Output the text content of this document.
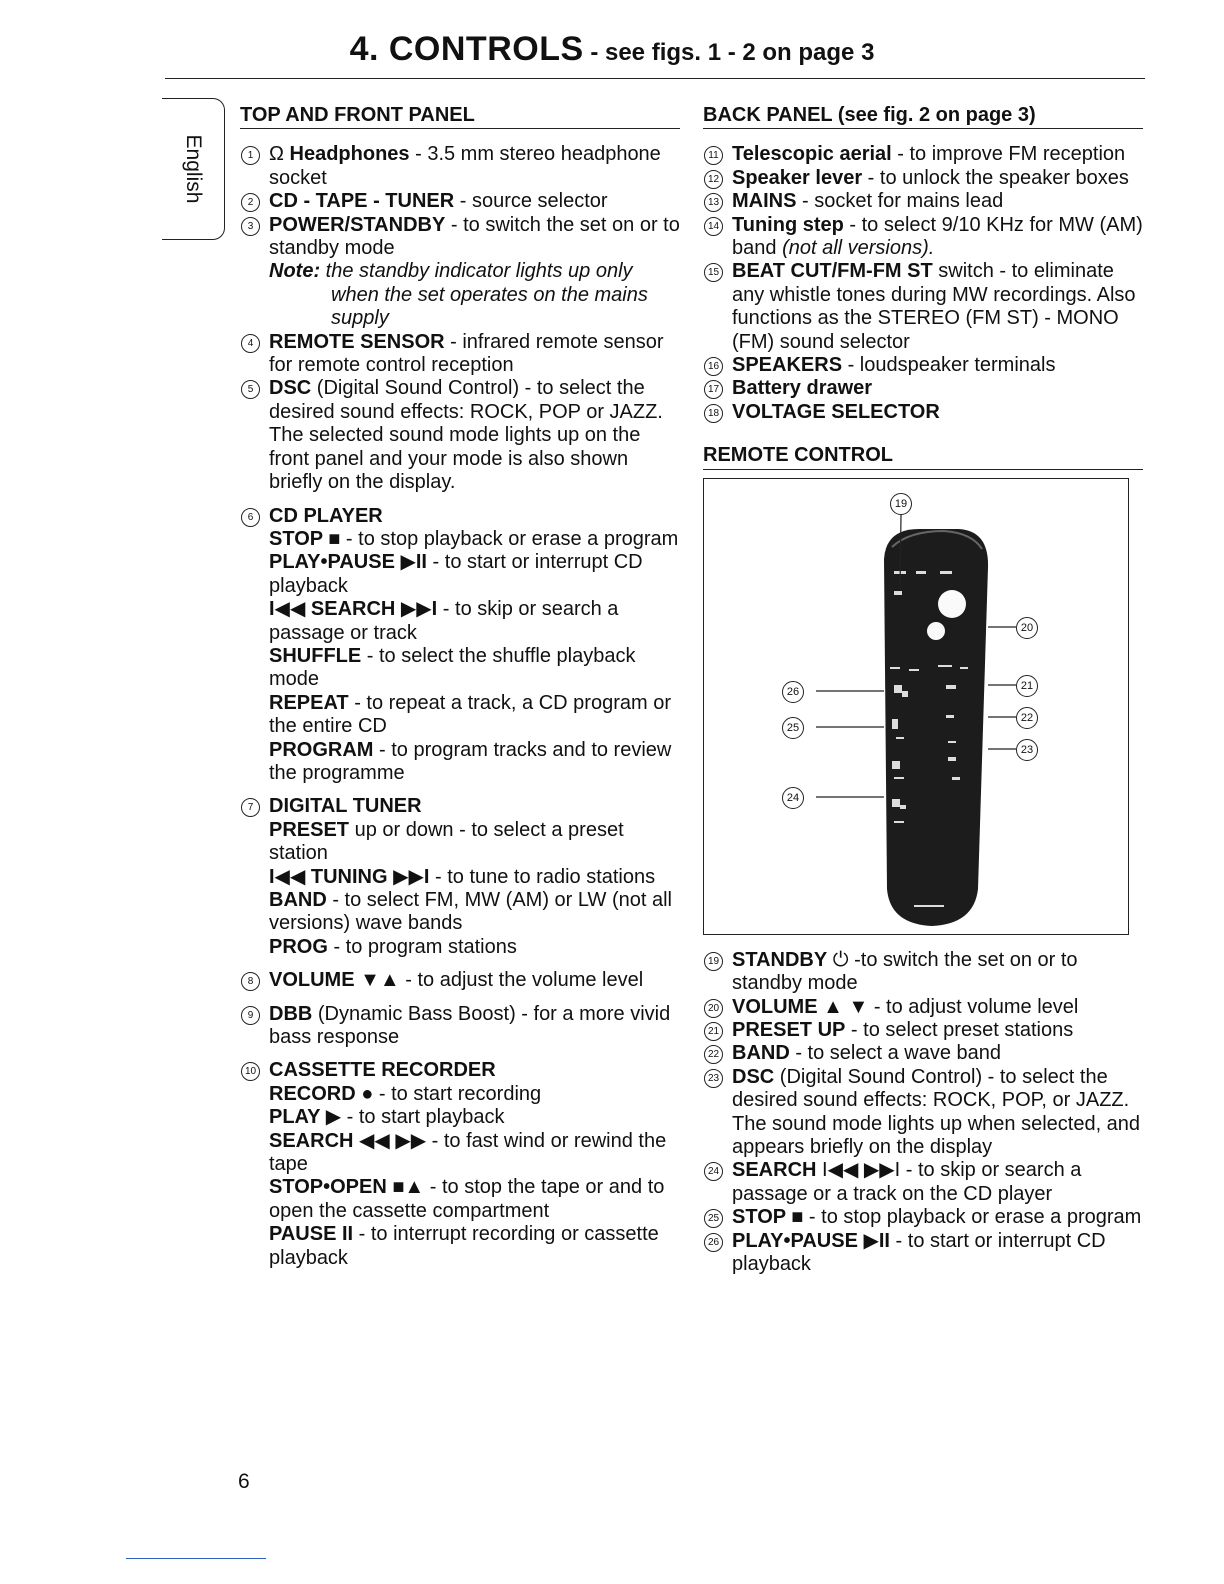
4. CONTROLS - see figs. 1 - 2 on page 3
English
TOP AND FRONT PANEL
1 Ω Headphones - 3.5 mm stereo headphone socket
2 CD - TAPE - TUNER - source selector
3 POWER/STANDBY - to switch the set on or to standby mode
Note: the standby indicator lights up only
when the set operates on the mains supply
4 REMOTE SENSOR - infrared remote sensor for remote control reception
5 DSC (Digital Sound Control) - to select the desired sound effects: ROCK, POP or JAZZ. The selected sound mode lights up on the front panel and your mode is also shown briefly on the display.
6 CD PLAYER
STOP ■ - to stop playback or erase a program
PLAY•PAUSE ▶II - to start or interrupt CD playback
I◀◀ SEARCH ▶▶I - to skip or search a passage or track
SHUFFLE - to select the shuffle playback mode
REPEAT - to repeat a track, a CD program or the entire CD
PROGRAM - to program tracks and to review the programme
7 DIGITAL TUNER
PRESET up or down - to select a preset station
I◀◀ TUNING ▶▶I - to tune to radio stations
BAND - to select FM, MW (AM) or LW (not all versions) wave bands
PROG - to program stations
8 VOLUME ▼▲ - to adjust the volume level
9 DBB (Dynamic Bass Boost) - for a more vivid bass response
10 CASSETTE RECORDER
RECORD ● - to start recording
PLAY ▶ - to start playback
SEARCH ◀◀ ▶▶ - to fast wind or rewind the tape
STOP•OPEN ■▲ - to stop the tape or and to open the cassette compartment
PAUSE II - to interrupt recording or cassette playback
BACK PANEL (see fig. 2 on page 3)
11 Telescopic aerial - to improve FM reception
12 Speaker lever - to unlock the speaker boxes
13 MAINS - socket for mains lead
14 Tuning step - to select 9/10 KHz for MW (AM) band (not all versions).
15 BEAT CUT/FM-FM ST switch - to eliminate any whistle tones during MW recordings. Also functions as the STEREO (FM ST) - MONO (FM) sound selector
16 SPEAKERS - loudspeaker terminals
17 Battery drawer
18 VOLTAGE SELECTOR
REMOTE CONTROL
19
20
21
22
23
26
25
24
19 STANDBY ⏻ -to switch the set on or to standby mode
20 VOLUME ▲ ▼ - to adjust volume level
21 PRESET UP - to select preset stations
22 BAND - to select a wave band
23 DSC (Digital Sound Control) - to select the desired sound effects: ROCK, POP, or JAZZ. The sound mode lights up when selected, and appears briefly on the display
24 SEARCH I◀◀ ▶▶I - to skip or search a passage or a track on the CD player
25 STOP ■ - to stop playback or erase a program
26 PLAY•PAUSE ▶II - to start or interrupt CD playback
6
